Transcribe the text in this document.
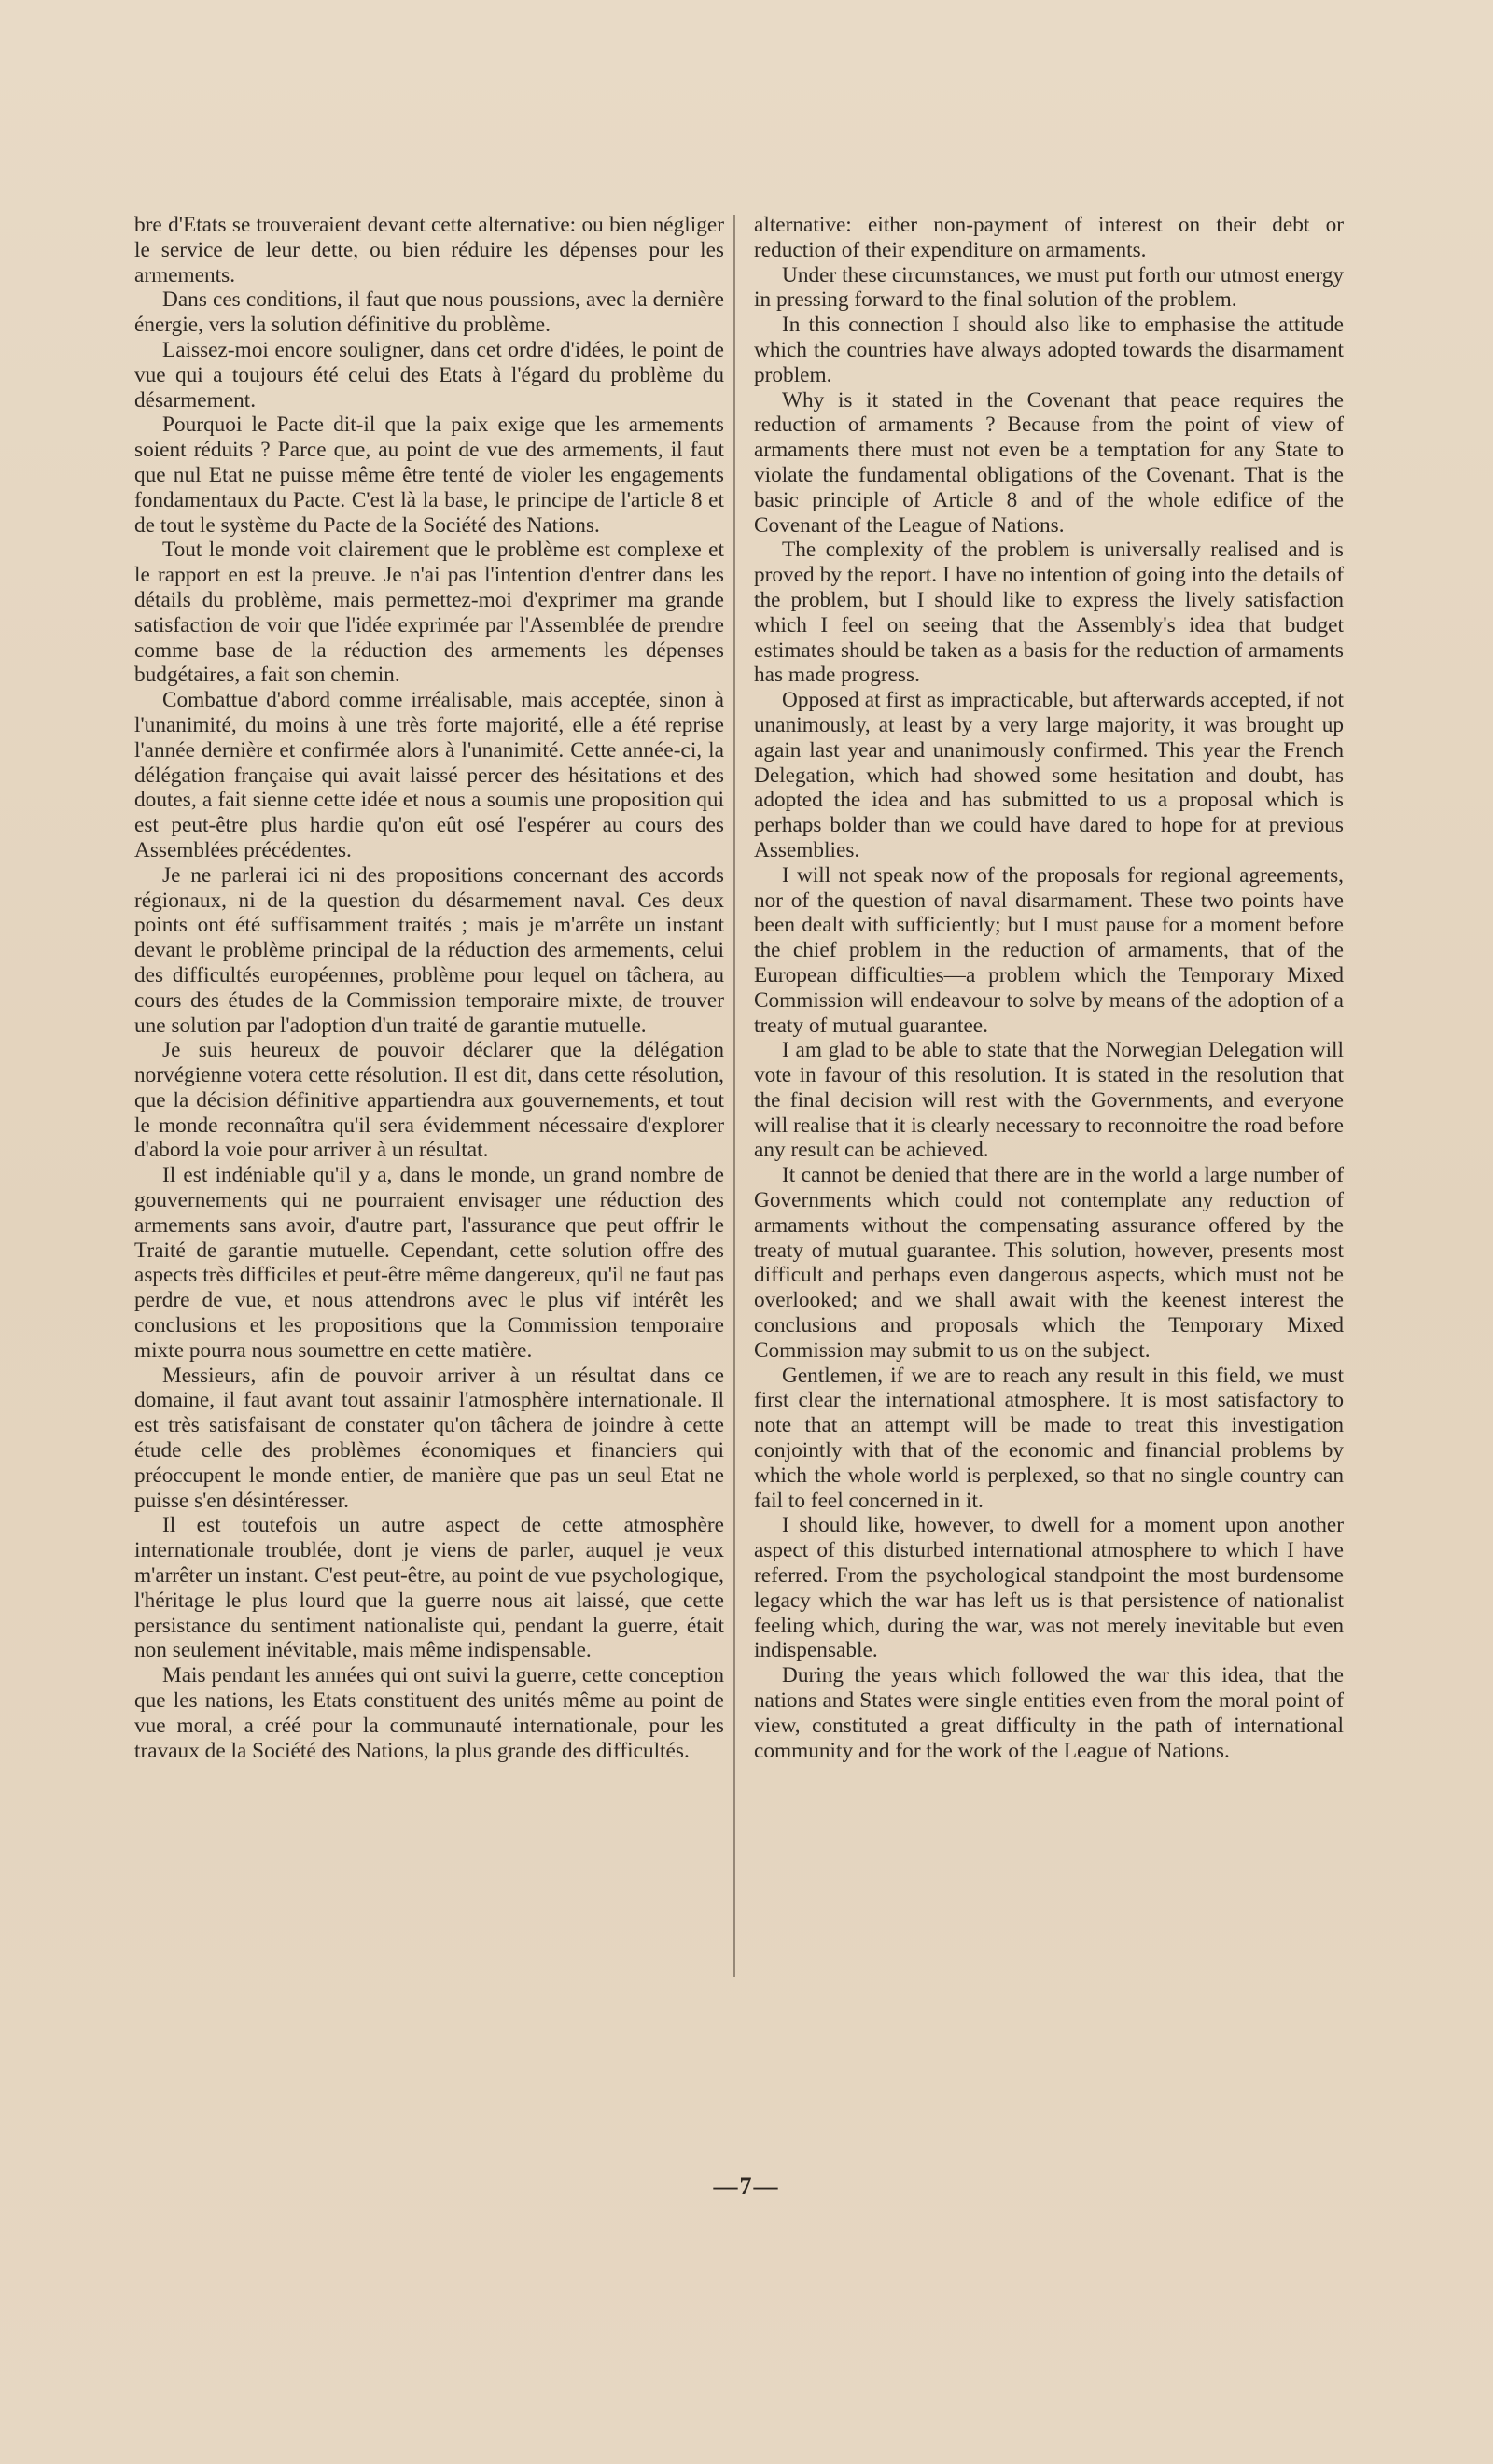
bre d'Etats se trouveraient devant cette alternative: ou bien négliger le service de leur dette, ou bien réduire les dépenses pour les armements.

Dans ces conditions, il faut que nous poussions, avec la dernière énergie, vers la solution définitive du problème.

Laissez-moi encore souligner, dans cet ordre d'idées, le point de vue qui a toujours été celui des Etats à l'égard du problème du désarmement.

Pourquoi le Pacte dit-il que la paix exige que les armements soient réduits ? Parce que, au point de vue des armements, il faut que nul Etat ne puisse même être tenté de violer les engagements fondamentaux du Pacte. C'est là la base, le principe de l'article 8 et de tout le système du Pacte de la Société des Nations.

Tout le monde voit clairement que le problème est complexe et le rapport en est la preuve. Je n'ai pas l'intention d'entrer dans les détails du problème, mais permettez-moi d'exprimer ma grande satisfaction de voir que l'idée exprimée par l'Assemblée de prendre comme base de la réduction des armements les dépenses budgétaires, a fait son chemin.

Combattue d'abord comme irréalisable, mais acceptée, sinon à l'unanimité, du moins à une très forte majorité, elle a été reprise l'année dernière et confirmée alors à l'unanimité. Cette année-ci, la délégation française qui avait laissé percer des hésitations et des doutes, a fait sienne cette idée et nous a soumis une proposition qui est peut-être plus hardie qu'on eût osé l'espérer au cours des Assemblées précédentes.

Je ne parlerai ici ni des propositions concernant des accords régionaux, ni de la question du désarmement naval. Ces deux points ont été suffisamment traités ; mais je m'arrête un instant devant le problème principal de la réduction des armements, celui des difficultés européennes, problème pour lequel on tâchera, au cours des études de la Commission temporaire mixte, de trouver une solution par l'adoption d'un traité de garantie mutuelle.

Je suis heureux de pouvoir déclarer que la délégation norvégienne votera cette résolution. Il est dit, dans cette résolution, que la décision définitive appartiendra aux gouvernements, et tout le monde reconnaîtra qu'il sera évidemment nécessaire d'explorer d'abord la voie pour arriver à un résultat.

Il est indéniable qu'il y a, dans le monde, un grand nombre de gouvernements qui ne pourraient envisager une réduction des armements sans avoir, d'autre part, l'assurance que peut offrir le Traité de garantie mutuelle. Cependant, cette solution offre des aspects très difficiles et peut-être même dangereux, qu'il ne faut pas perdre de vue, et nous attendrons avec le plus vif intérêt les conclusions et les propositions que la Commission temporaire mixte pourra nous soumettre en cette matière.

Messieurs, afin de pouvoir arriver à un résultat dans ce domaine, il faut avant tout assainir l'atmosphère internationale. Il est très satisfaisant de constater qu'on tâchera de joindre à cette étude celle des problèmes économiques et financiers qui préoccupent le monde entier, de manière que pas un seul Etat ne puisse s'en désintéresser.

Il est toutefois un autre aspect de cette atmosphère internationale troublée, dont je viens de parler, auquel je veux m'arrêter un instant. C'est peut-être, au point de vue psychologique, l'héritage le plus lourd que la guerre nous ait laissé, que cette persistance du sentiment nationaliste qui, pendant la guerre, était non seulement inévitable, mais même indispensable.

Mais pendant les années qui ont suivi la guerre, cette conception que les nations, les Etats constituent des unités même au point de vue moral, a créé pour la communauté internationale, pour les travaux de la Société des Nations, la plus grande des difficultés.

alternative: either non-payment of interest on their debt or reduction of their expenditure on armaments.

Under these circumstances, we must put forth our utmost energy in pressing forward to the final solution of the problem.

In this connection I should also like to emphasise the attitude which the countries have always adopted towards the disarmament problem.

Why is it stated in the Covenant that peace requires the reduction of armaments ? Because from the point of view of armaments there must not even be a temptation for any State to violate the fundamental obligations of the Covenant. That is the basic principle of Article 8 and of the whole edifice of the Covenant of the League of Nations.

The complexity of the problem is universally realised and is proved by the report. I have no intention of going into the details of the problem, but I should like to express the lively satisfaction which I feel on seeing that the Assembly's idea that budget estimates should be taken as a basis for the reduction of armaments has made progress.

Opposed at first as impracticable, but afterwards accepted, if not unanimously, at least by a very large majority, it was brought up again last year and unanimously confirmed. This year the French Delegation, which had showed some hesitation and doubt, has adopted the idea and has submitted to us a proposal which is perhaps bolder than we could have dared to hope for at previous Assemblies.

I will not speak now of the proposals for regional agreements, nor of the question of naval disarmament. These two points have been dealt with sufficiently; but I must pause for a moment before the chief problem in the reduction of armaments, that of the European difficulties—a problem which the Temporary Mixed Commission will endeavour to solve by means of the adoption of a treaty of mutual guarantee.

I am glad to be able to state that the Norwegian Delegation will vote in favour of this resolution. It is stated in the resolution that the final decision will rest with the Governments, and everyone will realise that it is clearly necessary to reconnoitre the road before any result can be achieved.

It cannot be denied that there are in the world a large number of Governments which could not contemplate any reduction of armaments without the compensating assurance offered by the treaty of mutual guarantee. This solution, however, presents most difficult and perhaps even dangerous aspects, which must not be overlooked; and we shall await with the keenest interest the conclusions and proposals which the Temporary Mixed Commission may submit to us on the subject.

Gentlemen, if we are to reach any result in this field, we must first clear the international atmosphere. It is most satisfactory to note that an attempt will be made to treat this investigation conjointly with that of the economic and financial problems by which the whole world is perplexed, so that no single country can fail to feel concerned in it.

I should like, however, to dwell for a moment upon another aspect of this disturbed international atmosphere to which I have referred. From the psychological standpoint the most burdensome legacy which the war has left us is that persistence of nationalist feeling which, during the war, was not merely inevitable but even indispensable.

During the years which followed the war this idea, that the nations and States were single entities even from the moral point of view, constituted a great difficulty in the path of international community and for the work of the League of Nations.

—7—
